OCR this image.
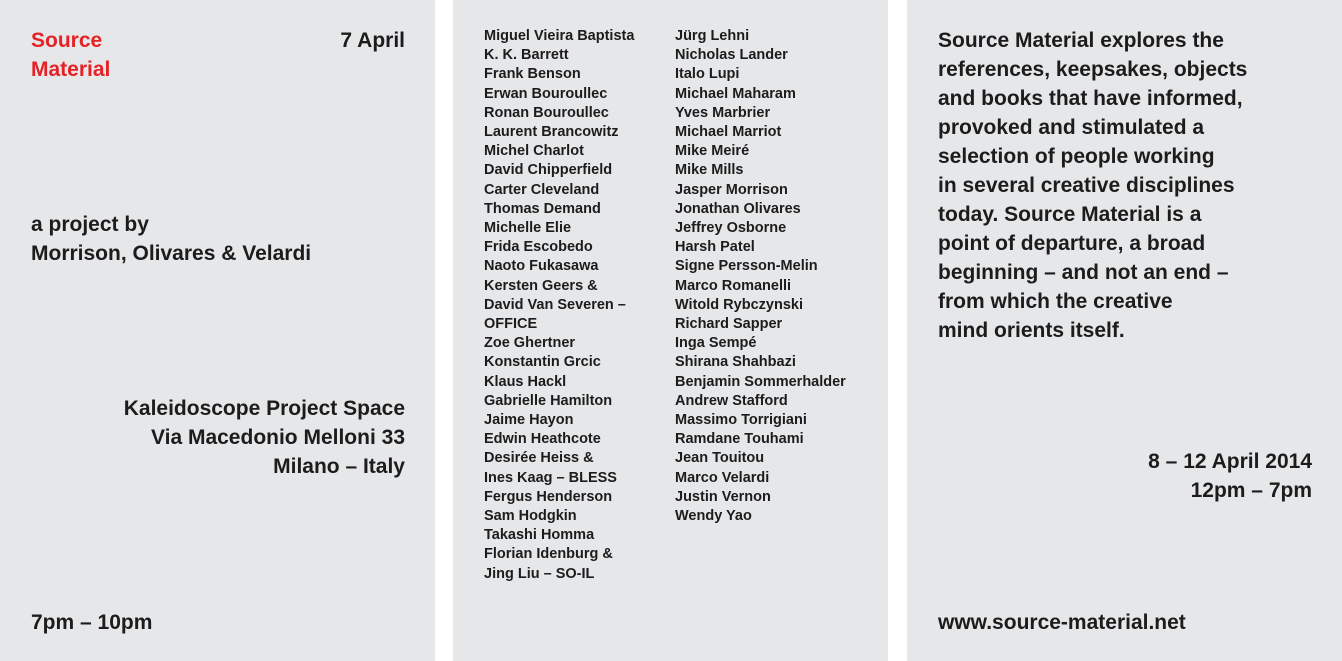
Source
Material
7 April
a project by
Morrison, Olivares & Velardi
Kaleidoscope Project Space
Via Macedonio Melloni 33
Milano – Italy
7pm – 10pm
Miguel Vieira Baptista
K. K. Barrett
Frank Benson
Erwan Bouroullec
Ronan Bouroullec
Laurent Brancowitz
Michel Charlot
David Chipperfield
Carter Cleveland
Thomas Demand
Michelle Elie
Frida Escobedo
Naoto Fukasawa
Kersten Geers &
David Van Severen –
OFFICE
Zoe Ghertner
Konstantin Grcic
Klaus Hackl
Gabrielle Hamilton
Jaime Hayon
Edwin Heathcote
Desirée Heiss &
Ines Kaag – BLESS
Fergus Henderson
Sam Hodgkin
Takashi Homma
Florian Idenburg &
Jing Liu – SO-IL
Jürg Lehni
Nicholas Lander
Italo Lupi
Michael Maharam
Yves Marbrier
Michael Marriot
Mike Meiré
Mike Mills
Jasper Morrison
Jonathan Olivares
Jeffrey Osborne
Harsh Patel
Signe Persson-Melin
Marco Romanelli
Witold Rybczynski
Richard Sapper
Inga Sempé
Shirana Shahbazi
Benjamin Sommerhalder
Andrew Stafford
Massimo Torrigiani
Ramdane Touhami
Jean Touitou
Marco Velardi
Justin Vernon
Wendy Yao
Source Material explores the
references, keepsakes, objects
and books that have informed,
provoked and stimulated a
selection of people working
in several creative disciplines
today. Source Material is a
point of departure, a broad
beginning – and not an end –
from which the creative
mind orients itself.
8 – 12 April 2014
12pm – 7pm
www.source-material.net
